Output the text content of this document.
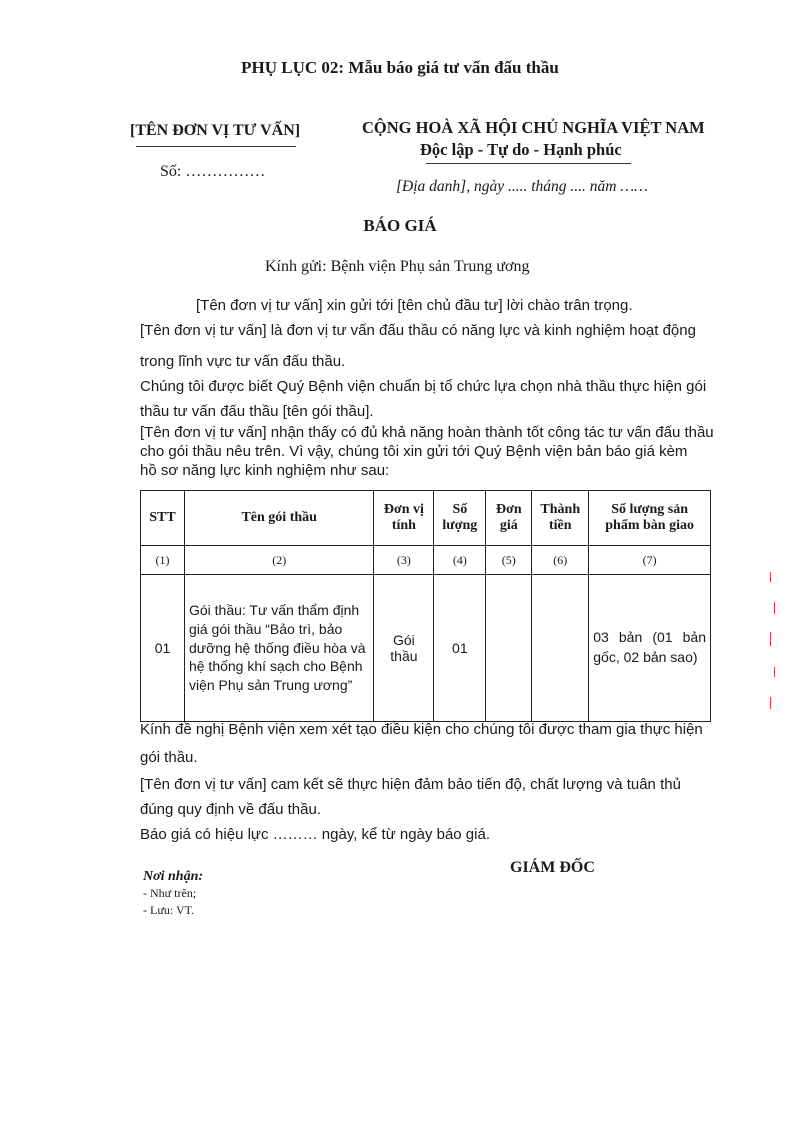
PHỤ LỤC 02: Mẫu báo giá tư vấn đấu thầu
[TÊN ĐƠN VỊ TƯ VẤN]
Số: ……………
CỘNG HOÀ XÃ HỘI CHỦ NGHĨA VIỆT NAM
Độc lập - Tự do - Hạnh phúc
[Địa danh], ngày ..... tháng .... năm ……
BÁO GIÁ
Kính gửi: Bệnh viện Phụ sản Trung ương
[Tên đơn vị tư vấn] xin gửi tới [tên chủ đầu tư] lời chào trân trọng.
[Tên đơn vị tư vấn] là đơn vị tư vấn đấu thầu có năng lực và kinh nghiệm hoạt động
trong lĩnh vực tư vấn đấu thầu.
Chúng tôi được biết Quý Bệnh viện chuẩn bị tổ chức lựa chọn nhà thầu thực hiện gói
thầu tư vấn đấu thầu [tên gói thầu].
[Tên đơn vị tư vấn] nhận thấy có đủ khả năng hoàn thành tốt công tác tư vấn đấu thầu
cho gói thầu nêu trên. Vì vậy, chúng tôi xin gửi tới Quý Bệnh viện bản báo giá kèm
hồ sơ năng lực kinh nghiệm như sau:
STT	Tên gói thầu	Đơn vị tính	Số lượng	Đơn giá	Thành tiền	Số lượng sản phẩm bàn giao
(1)	(2)	(3)	(4)	(5)	(6)	(7)
01	Gói thầu: Tư vấn thẩm định giá gói thầu “Bảo trì, bảo dưỡng hệ thống điều hòa và hệ thống khí sạch cho Bệnh viện Phụ sản Trung ương”	Gói thầu	01			03 bản (01 bản gốc, 02 bản sao)
Kính đề nghị Bệnh viện xem xét tạo điều kiện cho chúng tôi được tham gia thực hiện
gói thầu.
[Tên đơn vị tư vấn] cam kết sẽ thực hiện đảm bảo tiến độ, chất lượng và tuân thủ
đúng quy định về đấu thầu.
Báo giá có hiệu lực ……… ngày, kể từ ngày báo giá.
Nơi nhận:
- Như trên;
- Lưu: VT.
GIÁM ĐỐC
